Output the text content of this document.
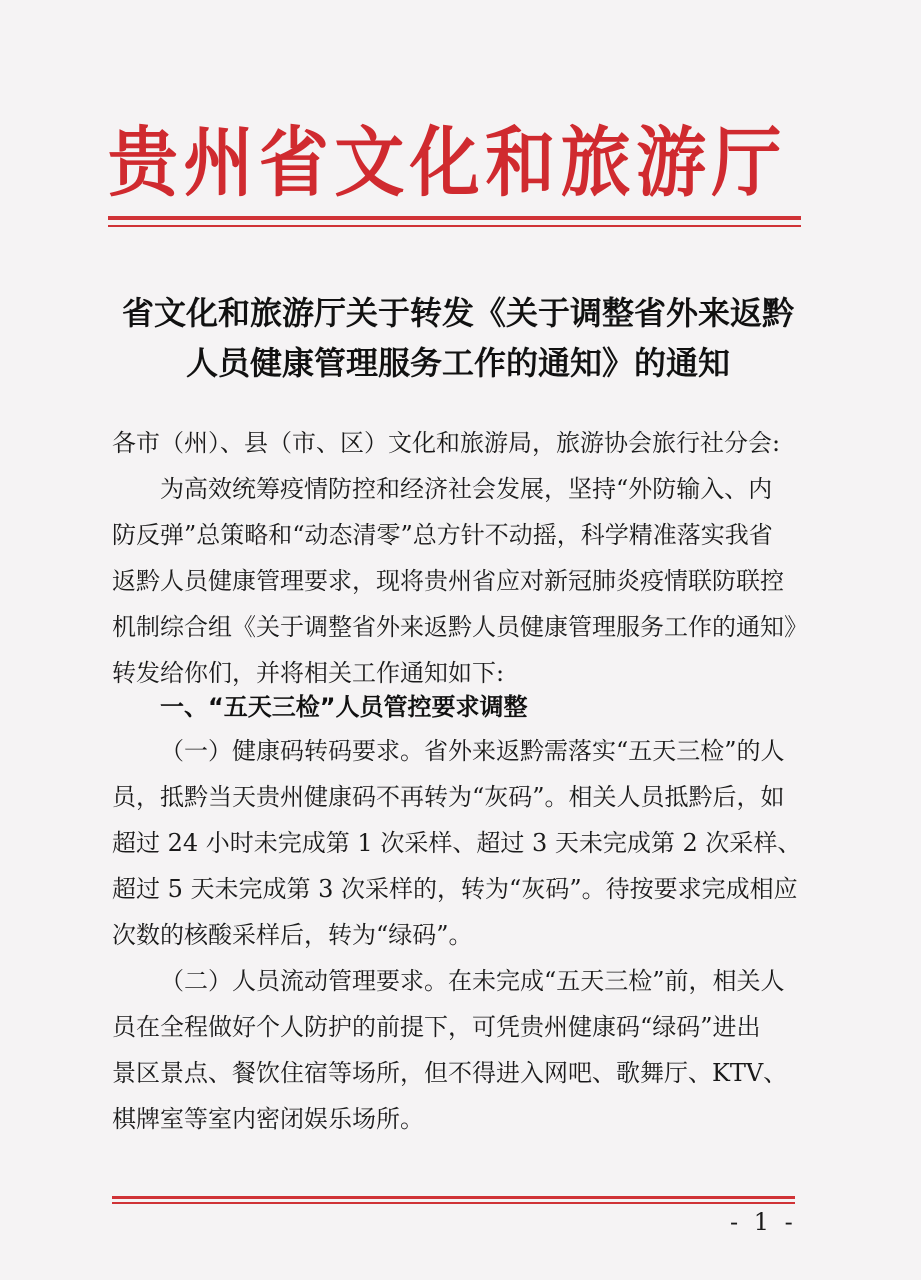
贵州省文化和旅游厅
省文化和旅游厅关于转发《关于调整省外来返黔
人员健康管理服务工作的通知》的通知
各市（州）、县（市、区）文化和旅游局，旅游协会旅行社分会:
为高效统筹疫情防控和经济社会发展，坚持“外防输入、内
防反弹”总策略和“动态清零”总方针不动摇，科学精准落实我省
返黔人员健康管理要求，现将贵州省应对新冠肺炎疫情联防联控
机制综合组《关于调整省外来返黔人员健康管理服务工作的通知》
转发给你们，并将相关工作通知如下:
一、“五天三检”人员管控要求调整
（一）健康码转码要求。省外来返黔需落实“五天三检”的人
员，抵黔当天贵州健康码不再转为“灰码”。相关人员抵黔后，如
超过 24 小时未完成第 1 次采样、超过 3 天未完成第 2 次采样、
超过 5 天未完成第 3 次采样的，转为“灰码”。待按要求完成相应
次数的核酸采样后，转为“绿码”。
（二）人员流动管理要求。在未完成“五天三检”前，相关人
员在全程做好个人防护的前提下，可凭贵州健康码“绿码”进出
景区景点、餐饮住宿等场所，但不得进入网吧、歌舞厅、KTV、
棋牌室等室内密闭娱乐场所。
- 1 -
